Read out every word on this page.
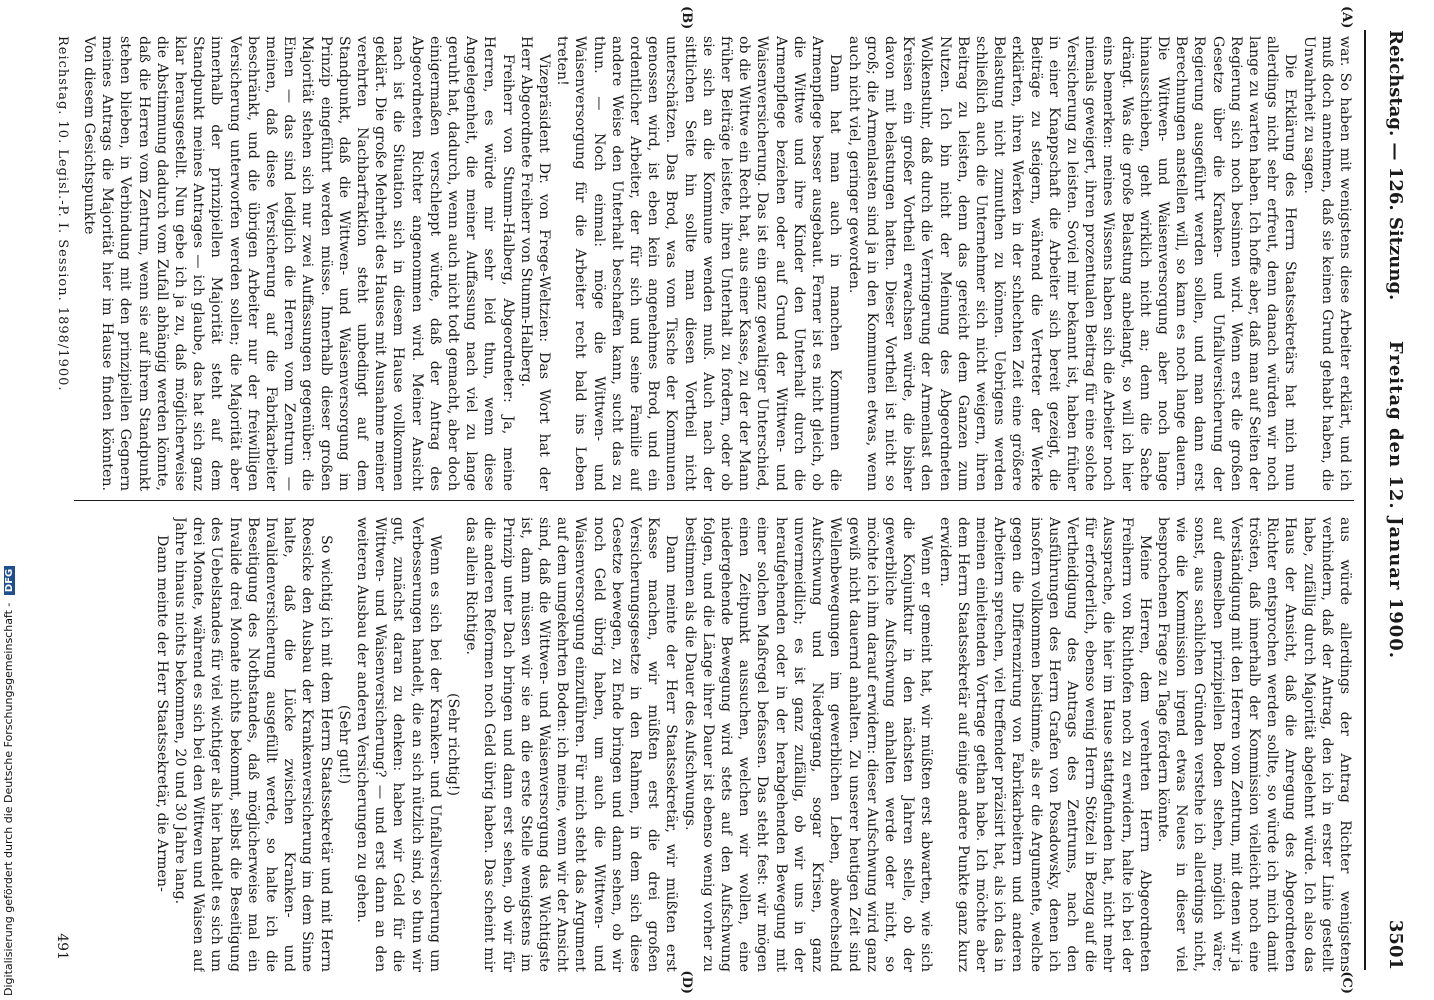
Reichstag. — 126. Sitzung.
Freitag den 12. Januar 1900.
3501
(A)
(B)
(C)
(D)

war. So haben mit wenigstens diese Arbeiter erklärt, und ich muß doch annehmen, daß sie keinen Grund gehabt haben, die Unwahrheit zu sagen.

Die Erklärung des Herrn Staatssekretärs hat mich nun allerdings nicht sehr erfreut, denn danach würden wir noch lange zu warten haben. Ich hoffe aber, daß man auf Seiten der Regierung sich noch besinnen wird. Wenn erst die großen Gesetze über die Kranken- und Unfallversicherung der Regierung ausgeführt werden sollen, und man dann erst Berechnungen anstellen will, so kann es noch lange dauern. Die Wittwen- und Waisenversorgung aber noch lange hinausschieben, geht wirklich nicht an; denn die Sache drängt. Was die große Belastung anbelangt, so will ich hier eins bemerken: meines Wissens haben sich die Arbeiter noch niemals geweigert, ihren prozentualen Beitrag für eine solche Versicherung zu leisten. Soviel mir bekannt ist, haben früher in einer Knappschaft die Arbeiter sich bereit gezeigt, die Beiträge zu steigern, während die Vertreter der Werke erklärten, ihren Werken in der schlechten Zeit eine größere Belastung nicht zumuthen zu können. Uebrigens werden schließlich auch die Unternehmer sich nicht weigern, ihren Beitrag zu leisten, denn das gereicht dem Ganzen zum Nutzen. Ich bin nicht der Meinung des Abgeordneten Wolkenstuhr, daß durch die Verringerung der Armenlast den Kreisen ein großer Vortheil erwachsen würde, die bisher davon mit belastungen hatten. Dieser Vortheil ist nicht so groß; die Armenlasten sind ja in den Kommunen etwas, wenn auch nicht viel, geringer geworden.

Dann hat man auch in manchen Kommunen die Armenpflege besser ausgebaut. Ferner ist es nicht gleich, ob die Wittwe und ihre Kinder den Unterhalt durch die Armenpflege beziehen oder auf Grund der Wittwen- und Waisenversicherung. Das ist ein ganz gewaltiger Unterschied, ob die Wittwe ein Recht hat, aus einer Kasse, zu der der Mann früher Beiträge leistete, ihren Unterhalt zu fordern, oder ob sie sich an die Kommune wenden muß. Auch nach der sittlichen Seite hin sollte man diesen Vortheil nicht unterschätzen. Das Brod, was vom Tische der Kommunen genossen wird, ist eben kein angenehmes Brod, und ein ordentlicher Arbeiter, der für sich und seine Familie auf andere Weise den Unterhalt beschaffen kann, sucht das zu thun. — Noch einmal: möge die Wittwen- und Waisenversorgung für die Arbeiter recht bald ins Leben treten!

Vizepräsident Dr. von Frege-Weltzien: Das Wort hat der Herr Abgeordnete Freiherr von Stumm-Halberg.

Freiherr von Stumm-Halberg, Abgeordneter: Ja, meine Herren, es würde mir sehr leid thun, wenn diese Angelegenheit, die meiner Auffassung nach viel zu lange geruht hat, dadurch, wenn auch nicht todt gemacht, aber doch einigermaßen verschleppt würde, daß der Antrag des Abgeordneten Richter angenommen wird. Meiner Ansicht nach ist die Situation sich in diesem Hause vollkommen geklärt. Die große Mehrheit des Hauses mit Ausnahme meiner verehrten Nachbarfraktion steht unbedingt auf dem Standpunkt, daß die Wittwen- und Waisenversorgung im Prinzip eingeführt werden müsse. Innerhalb dieser großen Majorität stehen sich nur zwei Auffassungen gegenüber: die Einen — das sind lediglich die Herren vom Zentrum — meinen, daß diese Versicherung auf die Fabrikarbeiter beschränkt, und die übrigen Arbeiter nur der freiwilligen Versicherung unterworfen werden sollen; die Majorität aber innerhalb der prinzipiellen Majorität steht auf dem Standpunkt meines Antrages — ich glaube, das hat sich ganz klar herausgestellt. Nun gebe ich ja zu, daß möglicherweise die Abstimmung dadurch vom Zufall abhängig werden könnte, daß die Herren vom Zentrum, wenn sie auf ihrem Standpunkt stehen blieben, in Verbindung mit den prinzipiellen Gegnern meines Antrags die Majorität hier im Hause finden könnten. Von diesem Gesichtspunkte

aus würde allerdings der Antrag Richter wenigstens verhindern, daß der Antrag, den ich in erster Linie gestellt habe, zufällig durch Majorität abgelehnt würde. Ich also das Haus der Ansicht, daß die Anregung des Abgeordneten Richter entsprochen werden sollte, so würde ich mich damit trösten, daß innerhalb der Kommission vielleicht noch eine Verständigung mit den Herren vom Zentrum, mit denen wir ja auf demselben prinzipiellen Boden stehen, möglich wäre; sonst, aus sachlichen Gründen verstehe ich allerdings nicht, wie die Kommission irgend etwas Neues in dieser viel besprochenen Frage zu Tage fördern könnte.

Meine Herren, dem verehrten Herrn Abgeordneten Freiherrn von Richthofen noch zu erwidern, halte ich bei der Aussprache, die hier im Hause stattgefunden hat, nicht mehr für erforderlich, ebenso wenig Herrn Stötzel in Bezug auf die Vertheidigung des Antrags des Zentrums, nach den Ausführungen des Herrn Grafen von Posadowsky, denen ich insofern vollkommen beistimme, als er die Argumente, welche gegen die Differenzirung von Fabrikarbeitern und anderen Arbeitern sprechen, viel treffender präzisirt hat, als ich das in meinen einleitenden Vortrage gethan habe. Ich möchte aber dem Herrn Staatssekretär auf einige andere Punkte ganz kurz erwidern.

Wenn er gemeint hat, wir müßten erst abwarten, wie sich die Konjunktur in den nächsten Jahren stelle, ob der gewerbliche Aufschwung anhalten werde oder nicht, so möchte ich ihm darauf erwidern: dieser Aufschwung wird ganz gewiß nicht dauernd anhalten. Zu unserer heutigen Zeit sind Wellenbewegungen im gewerblichen Leben, abwechselnd Aufschwung und Niedergang, sogar Krisen, ganz unvermeidlich; es ist ganz zufällig, ob wir uns in der heraufgehenden oder in der herabgehenden Bewegung mit einer solchen Maßregel befassen. Das steht fest: wir mögen einen Zeitpunkt aussuchen, welchen wir wollen, eine niedergehende Bewegung wird stets auf den Aufschwung folgen, und die Länge ihrer Dauer ist ebenso wenig vorher zu bestimmen als die Dauer des Aufschwungs.

Dann meinte der Herr Staatssekretär, wir müßten erst Kasse machen, wir müßten erst die drei großen Versicherungsgesetze in den Rahmen, in dem sich diese Gesetze bewegen, zu Ende bringen und dann sehen, ob wir noch Geld übrig haben, um auch die Wittwen- und Waisenversorgung einzuführen. Für mich steht das Argument auf dem umgekehrten Boden: ich meine, wenn wir der Ansicht sind, daß die Wittwen- und Waisenversorgung das Wichtigste ist, dann müssen wir sie an die erste Stelle wenigstens im Prinzip unter Dach bringen und dann erst sehen, ob wir für die anderen Reformen noch Geld übrig haben. Das scheint mir das allein Richtige.

(Sehr richtig!)

Wenn es sich bei der Kranken- und Unfallversicherung um Verbesserungen handelt, die an sich nützlich sind, so thun wir gut, zunächst daran zu denken: haben wir Geld für die Wittwen- und Waisenversicherung? — und erst dann an den weiteren Ausbau der anderen Versicherungen zu gehen.

(Sehr gut!)

So wichtig ich mit dem Herrn Staatssekretär und mit Herrn Roesicke den Ausbau der Krankenversicherung im dem Sinne halte, daß die Lücke zwischen Kranken- und Invalidenversicherung ausgefüllt werde, so halte ich die Beseitigung des Nothstandes, daß möglicherweise mal ein Invalide drei Monate nichts bekommt, selbst die Beseitigung des Uebelstandes für viel wichtiger als hier handelt es sich um drei Monate, während es sich bei den Wittwen und Waisen auf Jahre hinaus nichts bekommen, 20 und 30 Jahre lang.

Dann meinte der Herr Staatssekretär, die Armen-

Reichstag. 10. Legisl.-P. I. Session. 1898/1900.
491
Digitalisierung gefördert durch die Deutsche Forschungsgemeinschaft - DFG
